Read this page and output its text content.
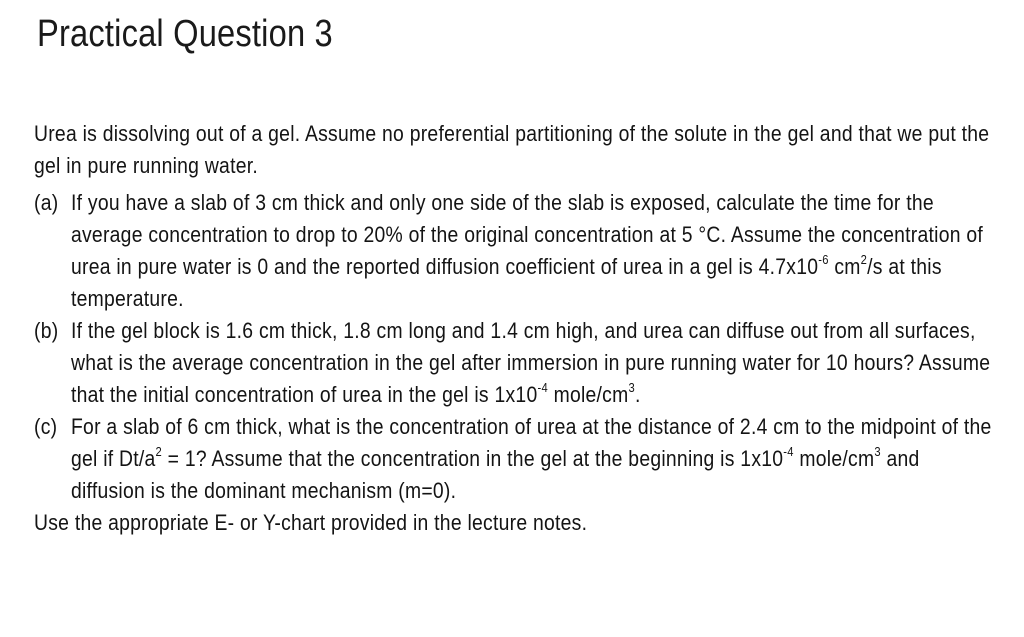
Practical Question 3

Urea is dissolving out of a gel. Assume no preferential partitioning of the solute in the gel and that we put the gel in pure running water.

(a) If you have a slab of 3 cm thick and only one side of the slab is exposed, calculate the time for the average concentration to drop to 20% of the original concentration at 5 °C. Assume the concentration of urea in pure water is 0 and the reported diffusion coefficient of urea in a gel is $4.7x10^{-6}$ $cm^2/s$ at this temperature.
(b) If the gel block is 1.6 cm thick, 1.8 cm long and 1.4 cm high, and urea can diffuse out from all surfaces, what is the average concentration in the gel after immersion in pure running water for 10 hours? Assume that the initial concentration of urea in the gel is $1x10^{-4}$ mole/$cm^3$.
(c) For a slab of 6 cm thick, what is the concentration of urea at the distance of 2.4 cm to the midpoint of the gel if $Dt/a^2 = 1$? Assume that the concentration in the gel at the beginning is $1x10^{-4}$ mole/$cm^3$ and diffusion is the dominant mechanism (m=0).

Use the appropriate E- or Y-chart provided in the lecture notes.
